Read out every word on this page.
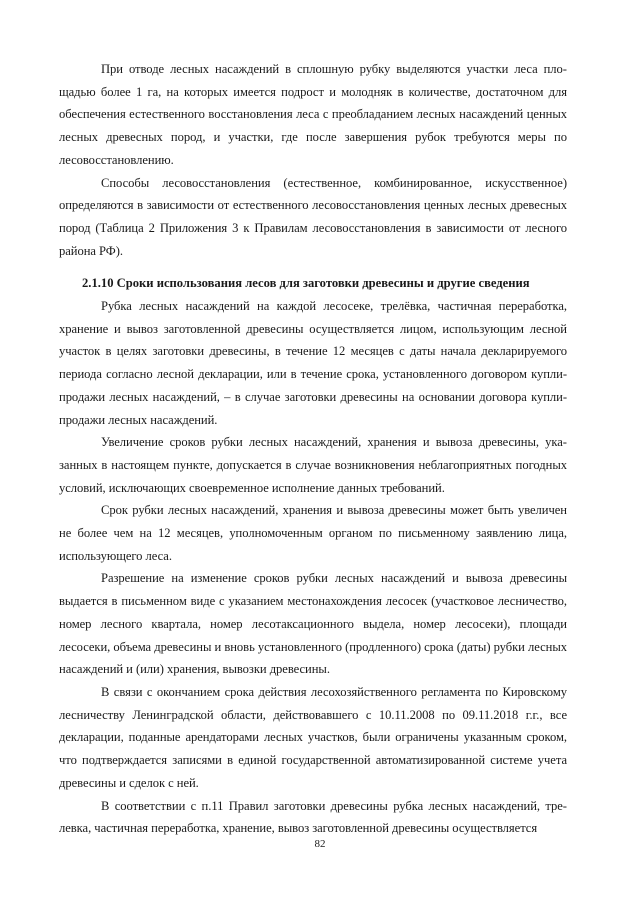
При отводе лесных насаждений в сплошную рубку выделяются участки леса площадью более 1 га, на которых имеется подрост и молодняк в количестве, достаточном для обеспечения естественного восстановления леса с преобладанием лесных насаждений ценных лесных древесных пород, и участки, где после завершения рубок требуются меры по лесовосстановлению.

Способы лесовосстановления (естественное, комбинированное, искусственное) определяются в зависимости от естественного лесовосстановления ценных лесных древесных пород (Таблица 2 Приложения 3 к Правилам лесовосстановления в зависимости от лесного района РФ).

2.1.10 Сроки использования лесов для заготовки древесины и другие сведения

Рубка лесных насаждений на каждой лесосеке, трелёвка, частичная переработка, хранение и вывоз заготовленной древесины осуществляется лицом, использующим лесной участок в целях заготовки древесины, в течение 12 месяцев с даты начала декларируемого периода согласно лесной декларации, или в течение срока, установленного договором купли-продажи лесных насаждений, – в случае заготовки древесины на основании договора купли-продажи лесных насаждений.

Увеличение сроков рубки лесных насаждений, хранения и вывоза древесины, указанных в настоящем пункте, допускается в случае возникновения неблагоприятных погодных условий, исключающих своевременное исполнение данных требований.

Срок рубки лесных насаждений, хранения и вывоза древесины может быть увеличен не более чем на 12 месяцев, уполномоченным органом по письменному заявлению лица, использующего леса.

Разрешение на изменение сроков рубки лесных насаждений и вывоза древесины выдается в письменном виде с указанием местонахождения лесосек (участковое лесничество, номер лесного квартала, номер лесотаксационного выдела, номер лесосеки), площади лесосеки, объема древесины и вновь установленного (продленного) срока (даты) рубки лесных насаждений и (или) хранения, вывозки древесины.

В связи с окончанием срока действия лесохозяйственного регламента по Кировскому лесничеству Ленинградской области, действовавшего с 10.11.2008 по 09.11.2018 г.г., все декларации, поданные арендаторами лесных участков, были ограничены указанным сроком, что подтверждается записями в единой государственной автоматизированной системе учета древесины и сделок с ней.

В соответствии с п.11 Правил заготовки древесины рубка лесных насаждений, трелевка, частичная переработка, хранение, вывоз заготовленной древесины осуществляется

82
